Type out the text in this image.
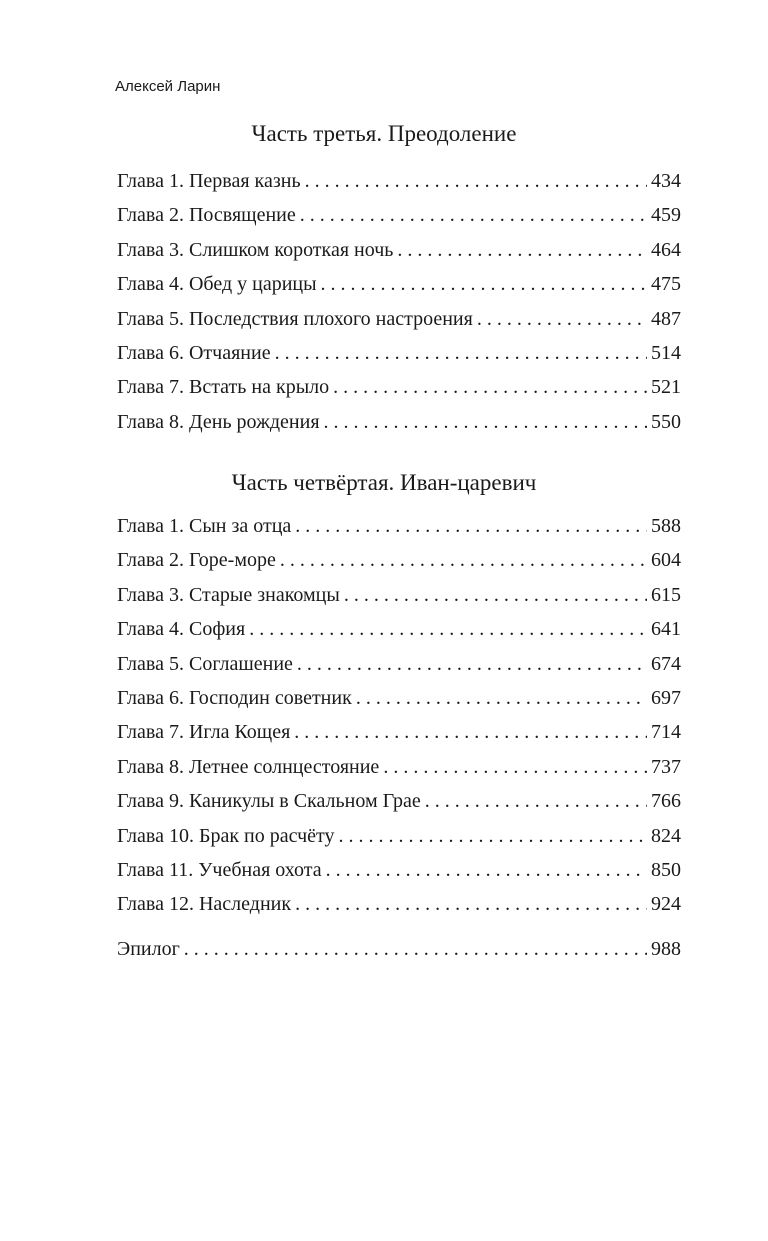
Алексей Ларин
Часть третья. Преодоление
Глава 1. Первая казнь . . .	434
Глава 2. Посвящение . . .	459
Глава 3. Слишком короткая ночь . . .	464
Глава 4. Обед у царицы . . .	475
Глава 5. Последствия плохого настроения . . .	487
Глава 6. Отчаяние . . .	514
Глава 7. Встать на крыло . . .	521
Глава 8. День рождения . . .	550
Часть четвёртая. Иван-царевич
Глава 1. Сын за отца . . .	588
Глава 2. Горе-море . . .	604
Глава 3. Старые знакомцы . . .	615
Глава 4. София . . .	641
Глава 5. Соглашение . . .	674
Глава 6. Господин советник . . .	697
Глава 7. Игла Кощея . . .	714
Глава 8. Летнее солнцестояние . . .	737
Глава 9. Каникулы в Скальном Грае . . .	766
Глава 10. Брак по расчёту . . .	824
Глава 11. Учебная охота . . .	850
Глава 12. Наследник . . .	924
Эпилог . . .	988
